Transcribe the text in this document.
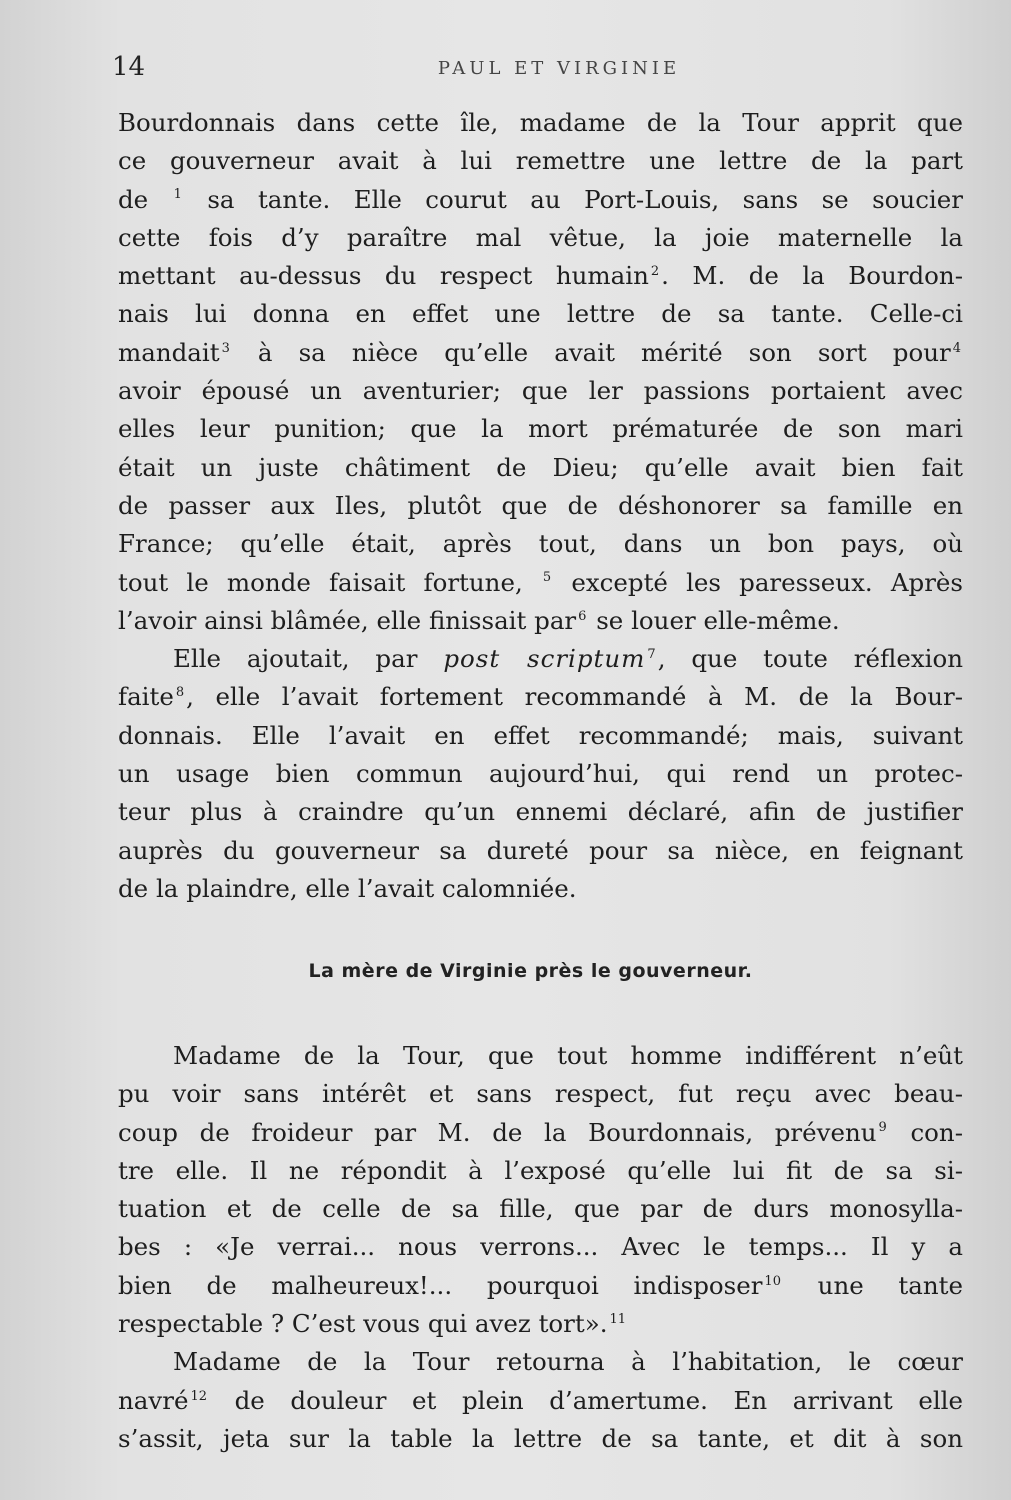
14	PAUL ET VIRGINIE
Bourdonnais dans cette île, madame de la Tour apprit que
ce gouverneur avait à lui remettre une lettre de la part
de $^1$ sa tante. Elle courut au Port-Louis, sans se soucier
cette fois d’y paraître mal vêtue, la joie maternelle la
mettant au-dessus du respect humain $^2$. M. de la Bourdon-
nais lui donna en effet une lettre de sa tante. Celle-ci
mandait $^3$ à sa nièce qu’elle avait mérité son sort pour $^4$
avoir épousé un aventurier; que ler passions portaient avec
elles leur punition; que la mort prématurée de son mari
était un juste châtiment de Dieu; qu’elle avait bien fait
de passer aux Iles, plutôt que de déshonorer sa famille en
France; qu’elle était, après tout, dans un bon pays, où
tout le monde faisait fortune, $^5$ excepté les paresseux. Après
l’avoir ainsi blâmée, elle finissait par $^6$ se louer elle-même.
Elle ajoutait, par post scriptum $^7$, que toute réflexion
faite $^8$, elle l’avait fortement recommandé à M. de la Bour-
donnais. Elle l’avait en effet recommandé; mais, suivant
un usage bien commun aujourd’hui, qui rend un protec-
teur plus à craindre qu’un ennemi déclaré, afin de justifier
auprès du gouverneur sa dureté pour sa nièce, en feignant
de la plaindre, elle l’avait calomniée.
La mère de Virginie près le gouverneur.
Madame de la Tour, que tout homme indifférent n’eût
pu voir sans intérêt et sans respect, fut reçu avec beau-
coup de froideur par M. de la Bourdonnais, prévenu $^9$ con-
tre elle. Il ne répondit à l’exposé qu’elle lui fit de sa si-
tuation et de celle de sa fille, que par de durs monosylla-
bes : «Je verrai... nous verrons... Avec le temps... Il y a
bien de malheureux!... pourquoi indisposer $^{10}$ une tante
respectable ? C’est vous qui avez tort». $^{11}$
Madame de la Tour retourna à l’habitation, le cœur
navré $^{12}$ de douleur et plein d’amertume. En arrivant elle
s’assit, jeta sur la table la lettre de sa tante, et dit à son
